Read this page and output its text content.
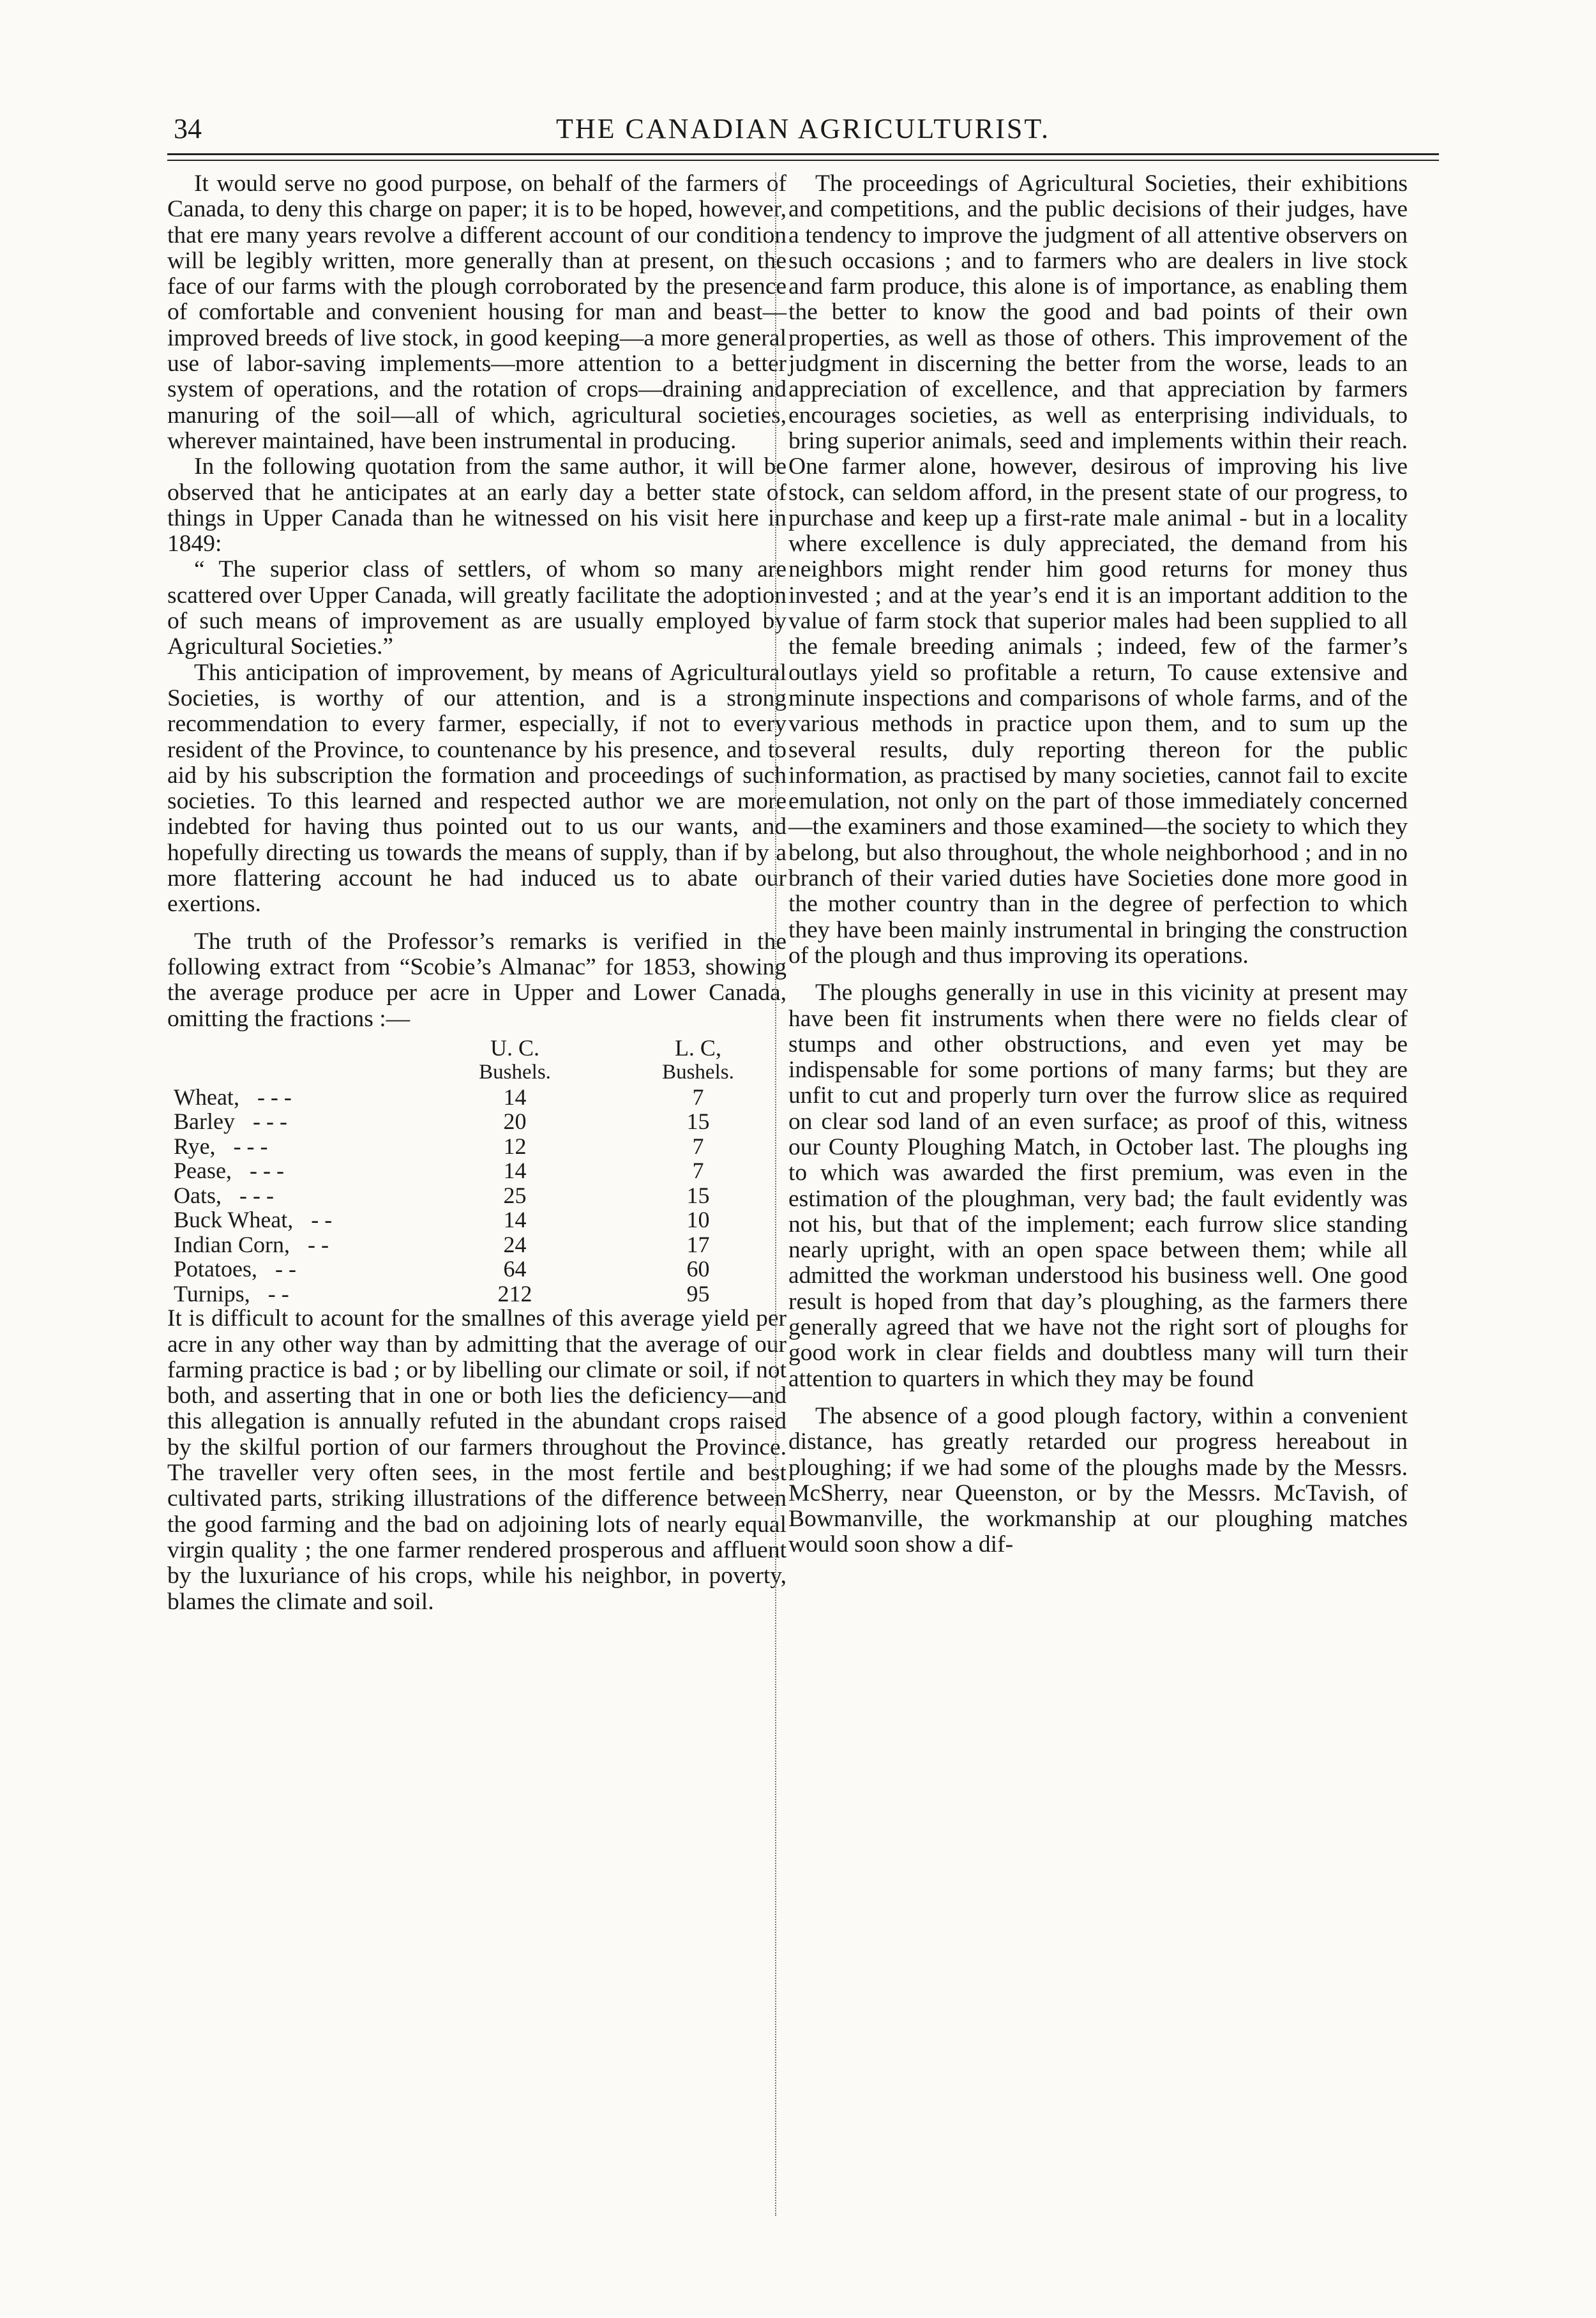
34	THE CANADIAN AGRICULTURIST.

It would serve no good purpose, on behalf of the farmers of Canada, to deny this charge on paper; it is to be hoped, however, that ere many years revolve a different account of our condition will be legibly written, more generally than at present, on the face of our farms with the plough corroborated by the presence of comfortable and convenient housing for man and beast—improved breeds of live stock, in good keeping—a more general use of labor-saving implements—more attention to a better system of operations, and the rotation of crops—draining and manuring of the soil—all of which, agricultural societies, wherever maintained, have been instrumental in producing.

In the following quotation from the same author, it will be observed that he anticipates at an early day a better state of things in Upper Canada than he witnessed on his visit here in 1849:

“ The superior class of settlers, of whom so many are scattered over Upper Canada, will greatly facilitate the adoption of such means of improvement as are usually employed by Agricultural Societies.”

This anticipation of improvement, by means of Agricultural Societies, is worthy of our attention, and is a strong recommendation to every farmer, especially, if not to every resident of the Province, to countenance by his presence, and to aid by his subscription the formation and proceedings of such societies. To this learned and respected author we are more indebted for having thus pointed out to us our wants, and hopefully directing us towards the means of supply, than if by a more flattering account he had induced us to abate our exertions.

The truth of the Professor’s remarks is verified in the following extract from “Scobie’s Almanac” for 1853, showing the average produce per acre in Upper and Lower Canada, omitting the fractions :—

	U. C.	L. C,
	Bushels.	Bushels.
Wheat, - - -	14	7
Barley - - -	20	15
Rye, - - -	12	7
Pease, - - -	14	7
Oats, - - -	25	15
Buck Wheat, - -	14	10
Indian Corn, - -	24	17
Potatoes, - -	64	60
Turnips, - -	212	95

It is difficult to acount for the smallnes of this average yield per acre in any other way than by admitting that the average of our farming practice is bad ; or by libelling our climate or soil, if not both, and asserting that in one or both lies the deficiency—and this allegation is annually refuted in the abundant crops raised by the skilful portion of our farmers throughout the Province. The traveller very often sees, in the most fertile and best cultivated parts, striking illustrations of the difference between the good farming and the bad on adjoining lots of nearly equal virgin quality ; the one farmer rendered prosperous and affluent by the luxuriance of his crops, while his neighbor, in poverty, blames the climate and soil.

The proceedings of Agricultural Societies, their exhibitions and competitions, and the public decisions of their judges, have a tendency to improve the judgment of all attentive observers on such occasions ; and to farmers who are dealers in live stock and farm produce, this alone is of importance, as enabling them the better to know the good and bad points of their own properties, as well as those of others. This improvement of the judgment in discerning the better from the worse, leads to an appreciation of excellence, and that appreciation by farmers encourages societies, as well as enterprising individuals, to bring superior animals, seed and implements within their reach. One farmer alone, however, desirous of improving his live stock, can seldom afford, in the present state of our progress, to purchase and keep up a first-rate male animal - but in a locality where excellence is duly appreciated, the demand from his neighbors might render him good returns for money thus invested ; and at the year’s end it is an important addition to the value of farm stock that superior males had been supplied to all the female breeding animals ; indeed, few of the farmer’s outlays yield so profitable a return, To cause extensive and minute inspections and comparisons of whole farms, and of the various methods in practice upon them, and to sum up the several results, duly reporting thereon for the public information, as practised by many societies, cannot fail to excite emulation, not only on the part of those immediately concerned—the examiners and those examined—the society to which they belong, but also throughout, the whole neighborhood ; and in no branch of their varied duties have Societies done more good in the mother country than in the degree of perfection to which they have been mainly instrumental in bringing the construction of the plough and thus improving its operations.

The ploughs generally in use in this vicinity at present may have been fit instruments when there were no fields clear of stumps and other obstructions, and even yet may be indispensable for some portions of many farms; but they are unfit to cut and properly turn over the furrow slice as required on clear sod land of an even surface; as proof of this, witness our County Ploughing Match, in October last. The ploughs ing to which was awarded the first premium, was even in the estimation of the ploughman, very bad; the fault evidently was not his, but that of the implement; each furrow slice standing nearly upright, with an open space between them; while all admitted the workman understood his business well. One good result is hoped from that day’s ploughing, as the farmers there generally agreed that we have not the right sort of ploughs for good work in clear fields and doubtless many will turn their attention to quarters in which they may be found

The absence of a good plough factory, within a convenient distance, has greatly retarded our progress hereabout in ploughing; if we had some of the ploughs made by the Messrs. McSherry, near Queenston, or by the Messrs. McTavish, of Bowmanville, the workmanship at our ploughing matches would soon show a dif-
